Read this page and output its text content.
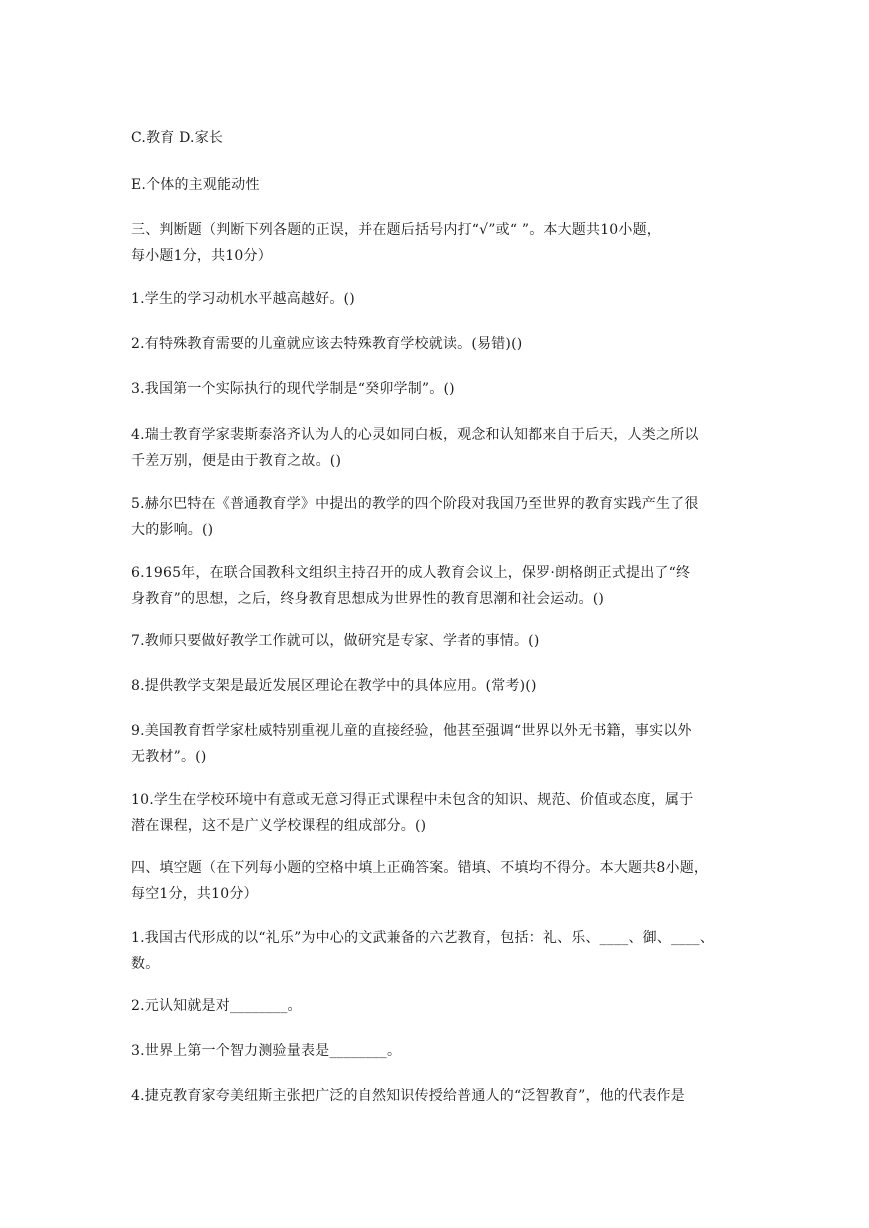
C.教育 D.家长
E.个体的主观能动性
三、判断题（判断下列各题的正误，并在题后括号内打“√”或“ ”。本大题共10小题，
每小题1分，共10分）
1.学生的学习动机水平越高越好。()
2.有特殊教育需要的儿童就应该去特殊教育学校就读。(易错)()
3.我国第一个实际执行的现代学制是“癸卯学制”。()
4.瑞士教育学家裴斯泰洛齐认为人的心灵如同白板，观念和认知都来自于后天，人类之所以
千差万别，便是由于教育之故。()
5.赫尔巴特在《普通教育学》中提出的教学的四个阶段对我国乃至世界的教育实践产生了很
大的影响。()
6.1965年，在联合国教科文组织主持召开的成人教育会议上，保罗·朗格朗正式提出了“终
身教育”的思想，之后，终身教育思想成为世界性的教育思潮和社会运动。()
7.教师只要做好教学工作就可以，做研究是专家、学者的事情。()
8.提供教学支架是最近发展区理论在教学中的具体应用。(常考)()
9.美国教育哲学家杜威特别重视儿童的直接经验，他甚至强调“世界以外无书籍，事实以外
无教材”。()
10.学生在学校环境中有意或无意习得正式课程中未包含的知识、规范、价值或态度，属于
潜在课程，这不是广义学校课程的组成部分。()
四、填空题（在下列每小题的空格中填上正确答案。错填、不填均不得分。本大题共8小题，
每空1分，共10分）
1.我国古代形成的以“礼乐”为中心的文武兼备的六艺教育，包括：礼、乐、____、御、____、
数。
2.元认知就是对________。
3.世界上第一个智力测验量表是________。
4.捷克教育家夸美纽斯主张把广泛的自然知识传授给普通人的“泛智教育”，他的代表作是
